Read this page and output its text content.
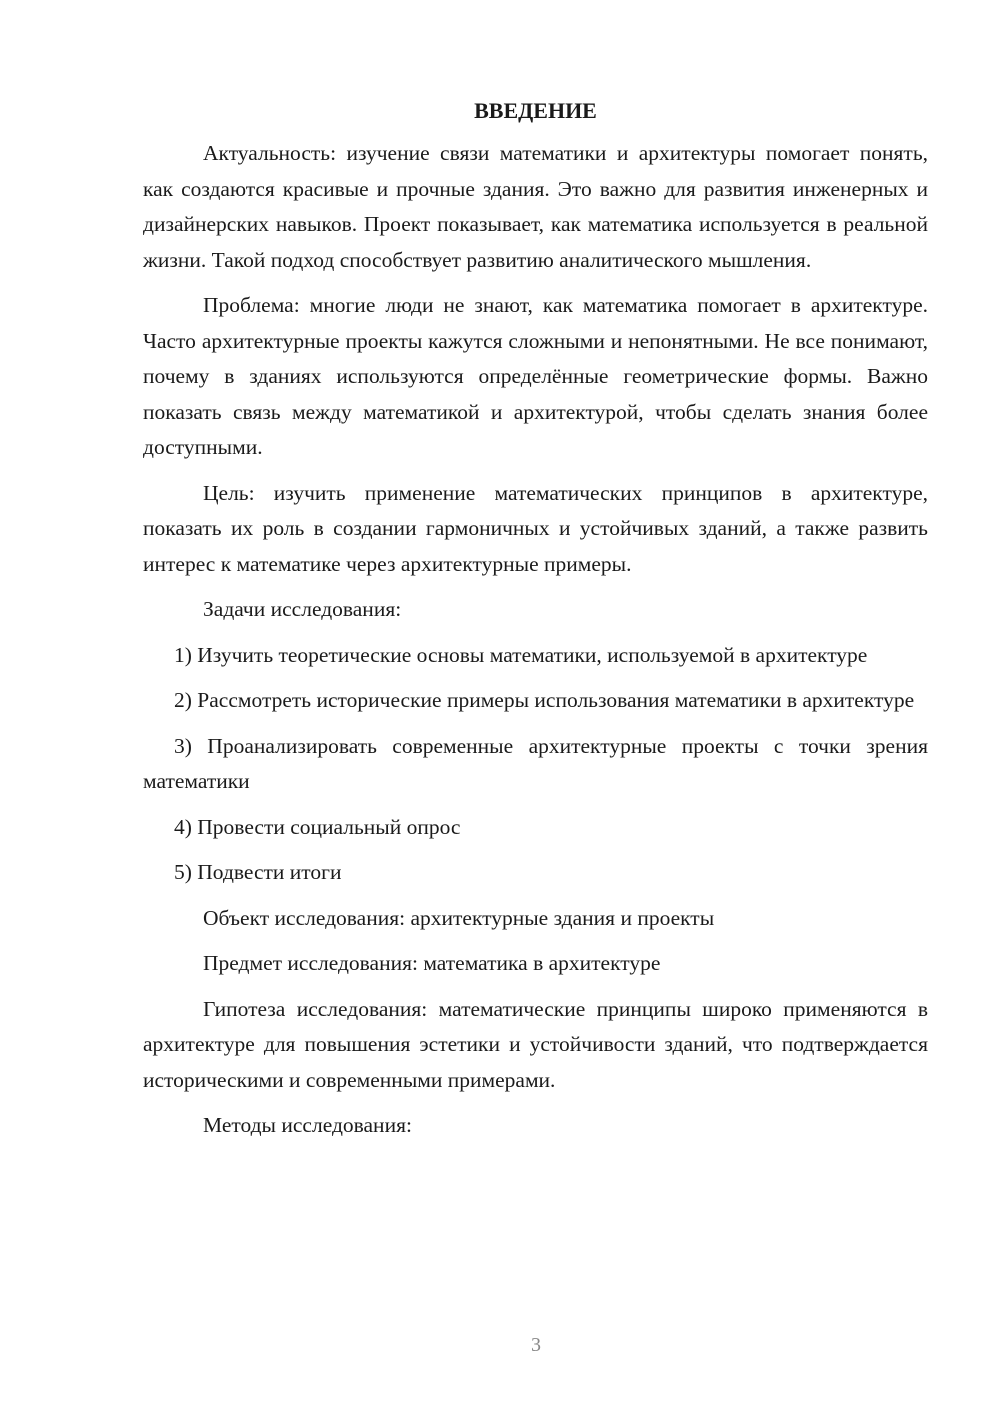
ВВЕДЕНИЕ

Актуальность: изучение связи математики и архитектуры помогает понять, как создаются красивые и прочные здания. Это важно для развития инженерных и дизайнерских навыков. Проект показывает, как математика используется в реальной жизни. Такой подход способствует развитию аналитического мышления.

Проблема: многие люди не знают, как математика помогает в архитектуре. Часто архитектурные проекты кажутся сложными и непонятными. Не все понимают, почему в зданиях используются определённые геометрические формы. Важно показать связь между математикой и архитектурой, чтобы сделать знания более доступными.

Цель: изучить применение математических принципов в архитектуре, показать их роль в создании гармоничных и устойчивых зданий, а также развить интерес к математике через архитектурные примеры.

Задачи исследования:

1) Изучить теоретические основы математики, используемой в архитектуре

2) Рассмотреть исторические примеры использования математики в архитектуре

3) Проанализировать современные архитектурные проекты с точки зрения математики

4) Провести социальный опрос
5) Подвести итоги
Объект исследования: архитектурные здания и проекты
Предмет исследования: математика в архитектуре

Гипотеза исследования: математические принципы широко применяются в архитектуре для повышения эстетики и устойчивости зданий, что подтверждается историческими и современными примерами.

Методы исследования:
3
